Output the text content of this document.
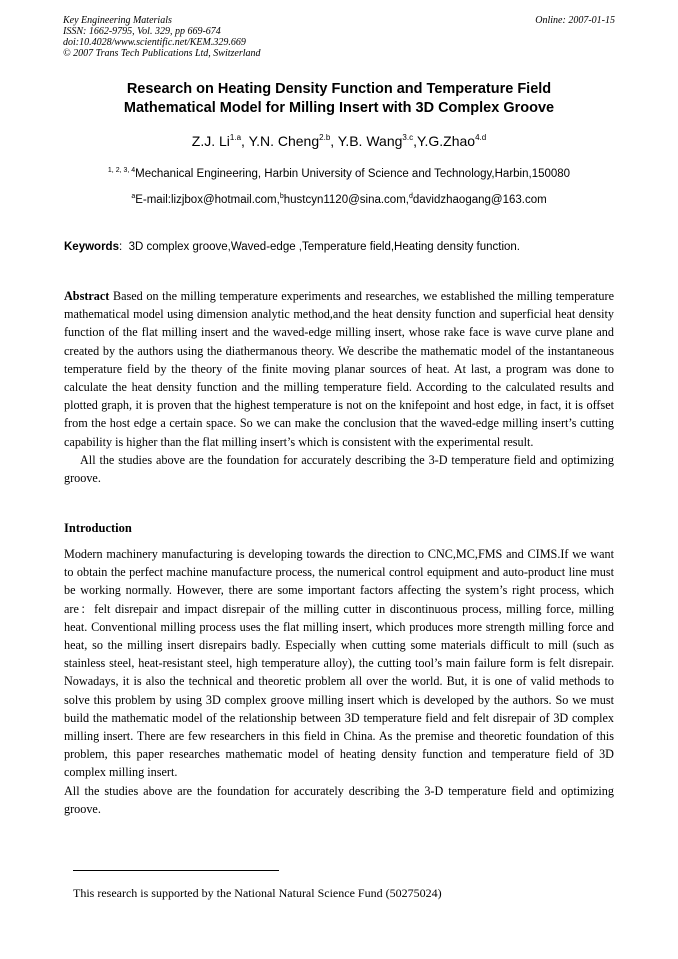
Key Engineering Materials
ISSN: 1662-9795, Vol. 329, pp 669-674
doi:10.4028/www.scientific.net/KEM.329.669
© 2007 Trans Tech Publications Ltd, Switzerland
Online: 2007-01-15
Research on Heating Density Function and Temperature Field
Mathematical Model for Milling Insert with 3D Complex Groove
Z.J. $Li^{1.a}$, Y.N. Cheng$^{2.b}$, Y.B. Wang$^{3.c}$,Y.G.Zhao$^{4.d}$
$^{1, 2, 3, 4}$Mechanical Engineering, Harbin University of Science and Technology,Harbin,150080
$^a$E-mail:lizjbox@hotmail.com,$^b$hustcyn1120@sina.com,$^d$davidzhaogang@163.com
Keywords:  3D complex groove,Waved-edge ,Temperature field,Heating density function.

Abstract Based on the milling temperature experiments and researches, we established the milling temperature mathematical model using dimension analytic method,and the heat density function and superficial heat density function of the flat milling insert and the waved-edge milling insert, whose rake face is wave curve plane and created by the authors using the diathermanous theory. We describe the mathematic model of the instantaneous temperature field by the theory of the finite moving planar sources of heat. At last, a program was done to calculate the heat density function and the milling temperature field. According to the calculated results and plotted graph, it is proven that the highest temperature is not on the knifepoint and host edge, in fact, it is offset from the host edge a certain space. So we can make the conclusion that the waved-edge milling insert’s cutting capability is higher than the flat milling insert’s which is consistent with the experimental result.

All the studies above are the foundation for accurately describing the 3-D temperature field and optimizing groove.

Introduction

Modern machinery manufacturing is developing towards the direction to CNC,MC,FMS and CIMS.If we want to obtain the perfect machine manufacture process, the numerical control equipment and auto-product line must be working normally. However, there are some important factors affecting the system’s right process, which are：felt disrepair and impact disrepair of the milling cutter in discontinuous process, milling force, milling heat. Conventional milling process uses the flat milling insert, which produces more strength milling force and heat, so the milling insert disrepairs badly. Especially when cutting some materials difficult to mill (such as stainless steel, heat-resistant steel, high temperature alloy), the cutting tool’s main failure form is felt disrepair. Nowadays, it is also the technical and theoretic problem all over the world. But, it is one of valid methods to solve this problem by using 3D complex groove milling insert which is developed by the authors. So we must build the mathematic model of the relationship between 3D temperature field and felt disrepair of 3D complex milling insert. There are few researchers in this field in China. As the premise and theoretic foundation of this problem, this paper researches mathematic model of heating density function and temperature field of 3D complex milling insert.

All the studies above are the foundation for accurately describing the 3-D temperature field and optimizing groove.

This research is supported by the National Natural Science Fund (50275024)
